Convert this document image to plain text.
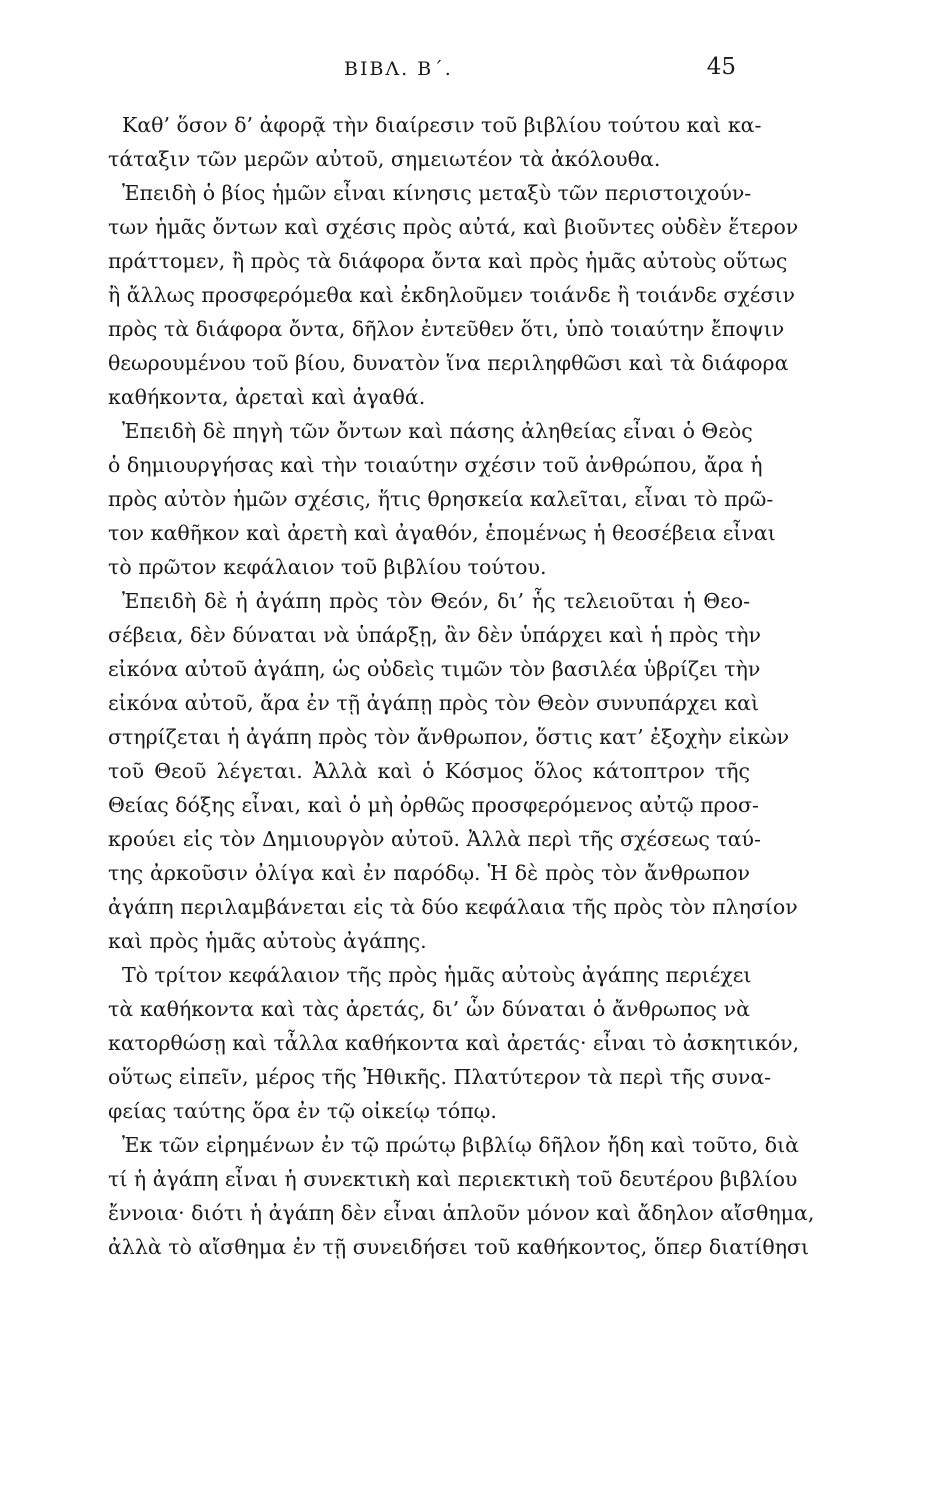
ΒΙΒΛ. Β΄.	45
Καθ’ ὅσον δ’ ἀφορᾷ τὴν διαίρεσιν τοῦ βιβλίου τούτου καὶ κα-
τάταξιν τῶν μερῶν αὐτοῦ, σημειωτέον τὰ ἀκόλουθα.
Ἐπειδὴ ὁ βίος ἡμῶν εἶναι κίνησις μεταξὺ τῶν περιστοιχούν-
των ἡμᾶς ὄντων καὶ σχέσις πρὸς αὐτά, καὶ βιοῦντες οὐδὲν ἕτερον
πράττομεν, ἢ πρὸς τὰ διάφορα ὄντα καὶ πρὸς ἡμᾶς αὐτοὺς οὕτως
ἢ ἄλλως προσφερόμεθα καὶ ἐκδηλοῦμεν τοιάνδε ἢ τοιάνδε σχέσιν
πρὸς τὰ διάφορα ὄντα, δῆλον ἐντεῦθεν ὅτι, ὑπὸ τοιαύτην ἔποψιν
θεωρουμένου τοῦ βίου, δυνατὸν ἵνα περιληφθῶσι καὶ τὰ διάφορα
καθήκοντα, ἀρεταὶ καὶ ἀγαθά.
Ἐπειδὴ δὲ πηγὴ τῶν ὄντων καὶ πάσης ἀληθείας εἶναι ὁ Θεὸς
ὁ δημιουργήσας καὶ τὴν τοιαύτην σχέσιν τοῦ ἀνθρώπου, ἄρα ἡ
πρὸς αὐτὸν ἡμῶν σχέσις, ἥτις θρησκεία καλεῖται, εἶναι τὸ πρῶ-
τον καθῆκον καὶ ἀρετὴ καὶ ἀγαθόν, ἑπομένως ἡ θεοσέβεια εἶναι
τὸ πρῶτον κεφάλαιον τοῦ βιβλίου τούτου.
Ἐπειδὴ δὲ ἡ ἀγάπη πρὸς τὸν Θεόν, δι’ ἧς τελειοῦται ἡ Θεο-
σέβεια, δὲν δύναται νὰ ὑπάρξῃ, ἂν δὲν ὑπάρχει καὶ ἡ πρὸς τὴν
εἰκόνα αὐτοῦ ἀγάπη, ὡς οὐδεὶς τιμῶν τὸν βασιλέα ὑβρίζει τὴν
εἰκόνα αὐτοῦ, ἄρα ἐν τῇ ἀγάπῃ πρὸς τὸν Θεὸν συνυπάρχει καὶ
στηρίζεται ἡ ἀγάπη πρὸς τὸν ἄνθρωπον, ὅστις κατ’ ἐξοχὴν εἰκὼν
τοῦ Θεοῦ λέγεται. Ἀλλὰ καὶ ὁ Κόσμος ὅλος κάτοπτρον τῆς
Θείας δόξης εἶναι, καὶ ὁ μὴ ὀρθῶς προσφερόμενος αὐτῷ προσ-
κρούει εἰς τὸν Δημιουργὸν αὐτοῦ. Ἀλλὰ περὶ τῆς σχέσεως ταύ-
της ἀρκοῦσιν ὀλίγα καὶ ἐν παρόδῳ. Ἡ δὲ πρὸς τὸν ἄνθρωπον
ἀγάπη περιλαμβάνεται εἰς τὰ δύο κεφάλαια τῆς πρὸς τὸν πλησίον
καὶ πρὸς ἡμᾶς αὐτοὺς ἀγάπης.
Τὸ τρίτον κεφάλαιον τῆς πρὸς ἡμᾶς αὐτοὺς ἀγάπης περιέχει
τὰ καθήκοντα καὶ τὰς ἀρετάς, δι’ ὧν δύναται ὁ ἄνθρωπος νὰ
κατορθώσῃ καὶ τἆλλα καθήκοντα καὶ ἀρετάς· εἶναι τὸ ἀσκητικόν,
οὕτως εἰπεῖν, μέρος τῆς Ἠθικῆς. Πλατύτερον τὰ περὶ τῆς συνα-
φείας ταύτης ὅρα ἐν τῷ οἰκείῳ τόπῳ.
Ἐκ τῶν εἰρημένων ἐν τῷ πρώτῳ βιβλίῳ δῆλον ἤδη καὶ τοῦτο, διὰ
τί ἡ ἀγάπη εἶναι ἡ συνεκτικὴ καὶ περιεκτικὴ τοῦ δευτέρου βιβλίου
ἔννοια· διότι ἡ ἀγάπη δὲν εἶναι ἁπλοῦν μόνον καὶ ἄδηλον αἴσθημα,
ἀλλὰ τὸ αἴσθημα ἐν τῇ συνειδήσει τοῦ καθήκοντος, ὅπερ διατίθησι
